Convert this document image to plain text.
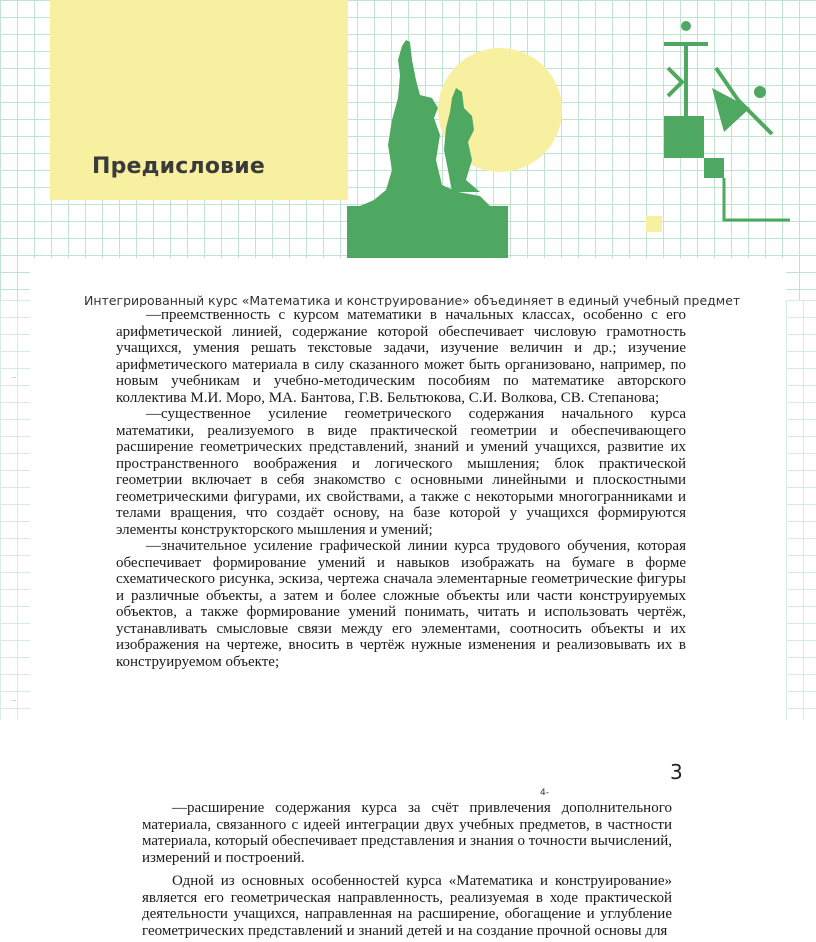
Предисловие
Интегрированный курс «Математика и конструирование» объединяет в единый учебный предмет

—преемственность с курсом математики в начальных классах, особенно с его арифметической линией, содержание которой обеспечивает числовую грамотность учащихся, умения решать текстовые задачи, изучение величин и др.; изучение арифметического материала в силу сказанного может быть организовано, например, по новым учебникам и учебно-методическим пособиям по математике авторского коллектива М.И. Моро, МА. Бантова, Г.В. Бельтюкова, С.И. Волкова, СВ. Степанова;

—существенное усиление геометрического содержания начального курса математики, реализуемого в виде практической геометрии и обеспечивающего расширение геометрических представлений, знаний и умений учащихся, развитие их пространственного воображения и логического мышления; блок практической геометрии включает в себя знакомство с основными линейными и плоскостными геометрическими фигурами, их свойствами, а также с некоторыми многогранниками и телами вращения, что создаёт основу, на базе которой у учащихся формируются элементы конструкторского мышления и умений;

—значительное усиление графической линии курса трудового обучения, которая обеспечивает формирование умений и навыков изображать на бумаге в форме схематического рисунка, эскиза, чертежа сначала элементарные геометрические фигуры и различные объекты, а затем и более сложные объекты или части конструируемых объектов, а также формирование умений понимать, читать и использовать чертёж, устанавливать смысловые связи между его элементами, соотносить объекты и их изображения на чертеже, вносить в чертёж нужные изменения и реализовывать их в конструируемом объекте;

3
4-

—расширение содержания курса за счёт привлечения дополнительного материала, связанного с идеей интеграции двух учебных предметов, в частности материала, который обеспечивает представления и знания о точности вычислений, измерений и построений.

Одной из основных особенностей курса «Математика и конструирование» является его геометрическая направленность, реализуемая в ходе практической деятельности учащихся, направленная на расширение, обогащение и углубление геометрических представлений и знаний детей и на создание прочной основы для
